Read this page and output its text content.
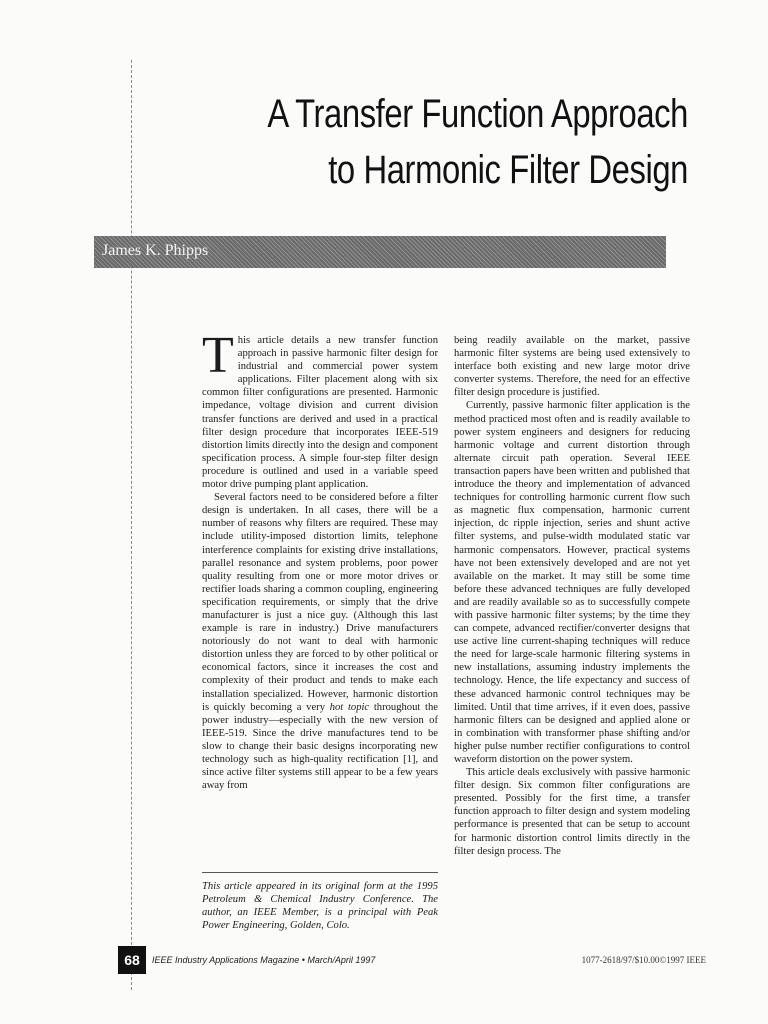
A Transfer Function Approach
to Harmonic Filter Design
James K. Phipps

This article details a new transfer function approach in passive harmonic filter design for industrial and commercial power system applications. Filter placement along with six common filter configurations are presented. Harmonic impedance, voltage division and current division transfer functions are derived and used in a practical filter design procedure that incorporates IEEE-519 distortion limits directly into the design and component specification process. A simple four-step filter design procedure is outlined and used in a variable speed motor drive pumping plant application.

Several factors need to be considered before a filter design is undertaken. In all cases, there will be a number of reasons why filters are required. These may include utility-imposed distortion limits, telephone interference complaints for existing drive installations, parallel resonance and system problems, poor power quality resulting from one or more motor drives or rectifier loads sharing a common coupling, engineering specification requirements, or simply that the drive manufacturer is just a nice guy. (Although this last example is rare in industry.) Drive manufacturers notoriously do not want to deal with harmonic distortion unless they are forced to by other political or economical factors, since it increases the cost and complexity of their product and tends to make each installation specialized. However, harmonic distortion is quickly becoming a very hot topic throughout the power industry—especially with the new version of IEEE-519. Since the drive manufactures tend to be slow to change their basic designs incorporating new technology such as high-quality rectification [1], and since active filter systems still appear to be a few years away from

This article appeared in its original form at the 1995 Petroleum & Chemical Industry Conference. The author, an IEEE Member, is a principal with Peak Power Engineering, Golden, Colo.

being readily available on the market, passive harmonic filter systems are being used extensively to interface both existing and new large motor drive converter systems. Therefore, the need for an effective filter design procedure is justified.

Currently, passive harmonic filter application is the method practiced most often and is readily available to power system engineers and designers for reducing harmonic voltage and current distortion through alternate circuit path operation. Several IEEE transaction papers have been written and published that introduce the theory and implementation of advanced techniques for controlling harmonic current flow such as magnetic flux compensation, harmonic current injection, dc ripple injection, series and shunt active filter systems, and pulse-width modulated static var harmonic compensators. However, practical systems have not been extensively developed and are not yet available on the market. It may still be some time before these advanced techniques are fully developed and are readily available so as to successfully compete with passive harmonic filter systems; by the time they can compete, advanced rectifier/converter designs that use active line current-shaping techniques will reduce the need for large-scale harmonic filtering systems in new installations, assuming industry implements the technology. Hence, the life expectancy and success of these advanced harmonic control techniques may be limited. Until that time arrives, if it even does, passive harmonic filters can be designed and applied alone or in combination with transformer phase shifting and/or higher pulse number rectifier configurations to control waveform distortion on the power system.

This article deals exclusively with passive harmonic filter design. Six common filter configurations are presented. Possibly for the first time, a transfer function approach to filter design and system modeling performance is presented that can be setup to account for harmonic distortion control limits directly in the filter design process. The

68	IEEE Industry Applications Magazine • March/April 1997	1077-2618/97/$10.00©1997 IEEE
